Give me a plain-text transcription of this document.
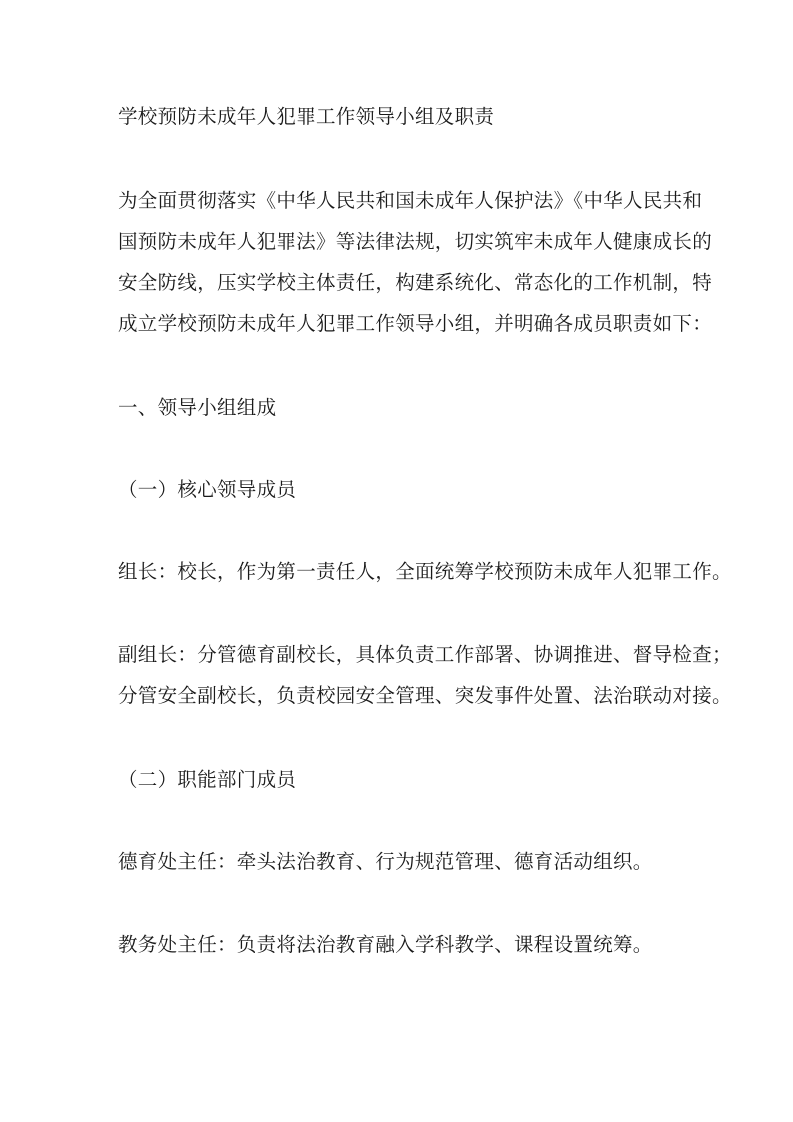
学校预防未成年人犯罪工作领导小组及职责
为全面贯彻落实《中华人民共和国未成年人保护法》《中华人民共和
国预防未成年人犯罪法》等法律法规，切实筑牢未成年人健康成长的
安全防线，压实学校主体责任，构建系统化、常态化的工作机制，特
成立学校预防未成年人犯罪工作领导小组，并明确各成员职责如下：
一、领导小组组成
（一）核心领导成员
组长：校长，作为第一责任人，全面统筹学校预防未成年人犯罪工作。
副组长：分管德育副校长，具体负责工作部署、协调推进、督导检查；
分管安全副校长，负责校园安全管理、突发事件处置、法治联动对接。
（二）职能部门成员
德育处主任：牵头法治教育、行为规范管理、德育活动组织。
教务处主任：负责将法治教育融入学科教学、课程设置统筹。
